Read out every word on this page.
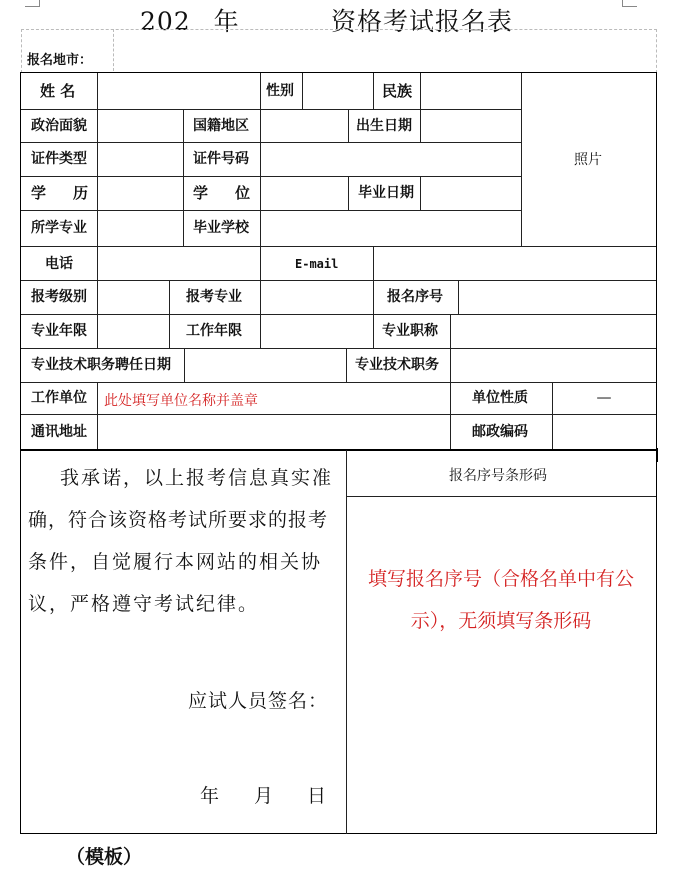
202 年	资格考试报名表
报名地市：
姓 名	性别	民族
照片
政治面貌	国籍地区	出生日期
证件类型	证件号码
学 历	学 位	毕业日期
所学专业	毕业学校
电话	E-mail
报考级别	报考专业	报名序号
专业年限	工作年限	专业职称
专业技术职务聘任日期	专业技术职务
工作单位 此处填写单位名称并盖章	单位性质	—
通讯地址	邮政编码
我承诺，以上报考信息真实准
确，符合该资格考试所要求的报考
条件，自觉履行本网站的相关协
议，严格遵守考试纪律。
应试人员签名：
年 月 日
报名序号条形码
填写报名序号（合格名单中有公
示），无须填写条形码
（模板）
